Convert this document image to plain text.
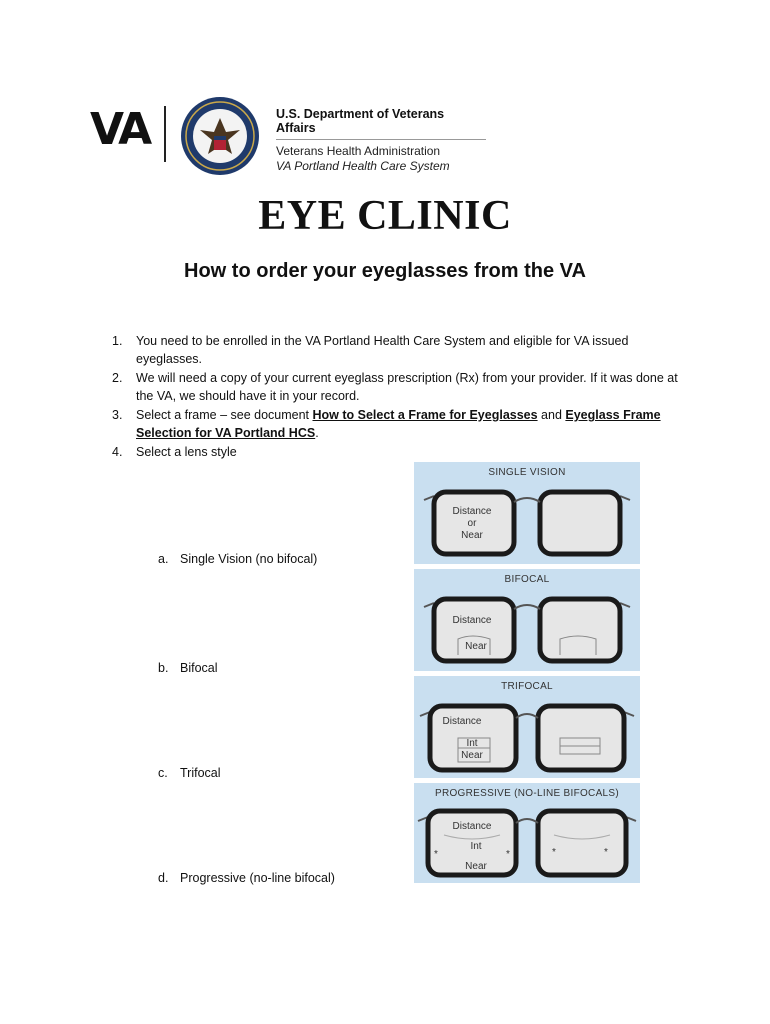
VA	U.S. Department of Veterans Affairs
Veterans Health Administration
VA Portland Health Care System
EYE CLINIC
How to order your eyeglasses from the VA
1.	You need to be enrolled in the VA Portland Health Care System and eligible for VA issued eyeglasses.
2.	We will need a copy of your current eyeglass prescription (Rx) from your provider. If it was done at the VA, we should have it in your record.
3.	Select a frame – see document How to Select a Frame for Eyeglasses and Eyeglass Frame Selection for VA Portland HCS.
4.	Select a lens style
a. Single Vision (no bifocal)
b. Bifocal
c. Trifocal
d. Progressive (no-line bifocal)
SINGLE VISION
Distance
or
Near
BIFOCAL
Distance
Near
TRIFOCAL
Distance
Int
Near
PROGRESSIVE (NO-LINE BIFOCALS)
Distance
Int
Near
*	*	*	*
